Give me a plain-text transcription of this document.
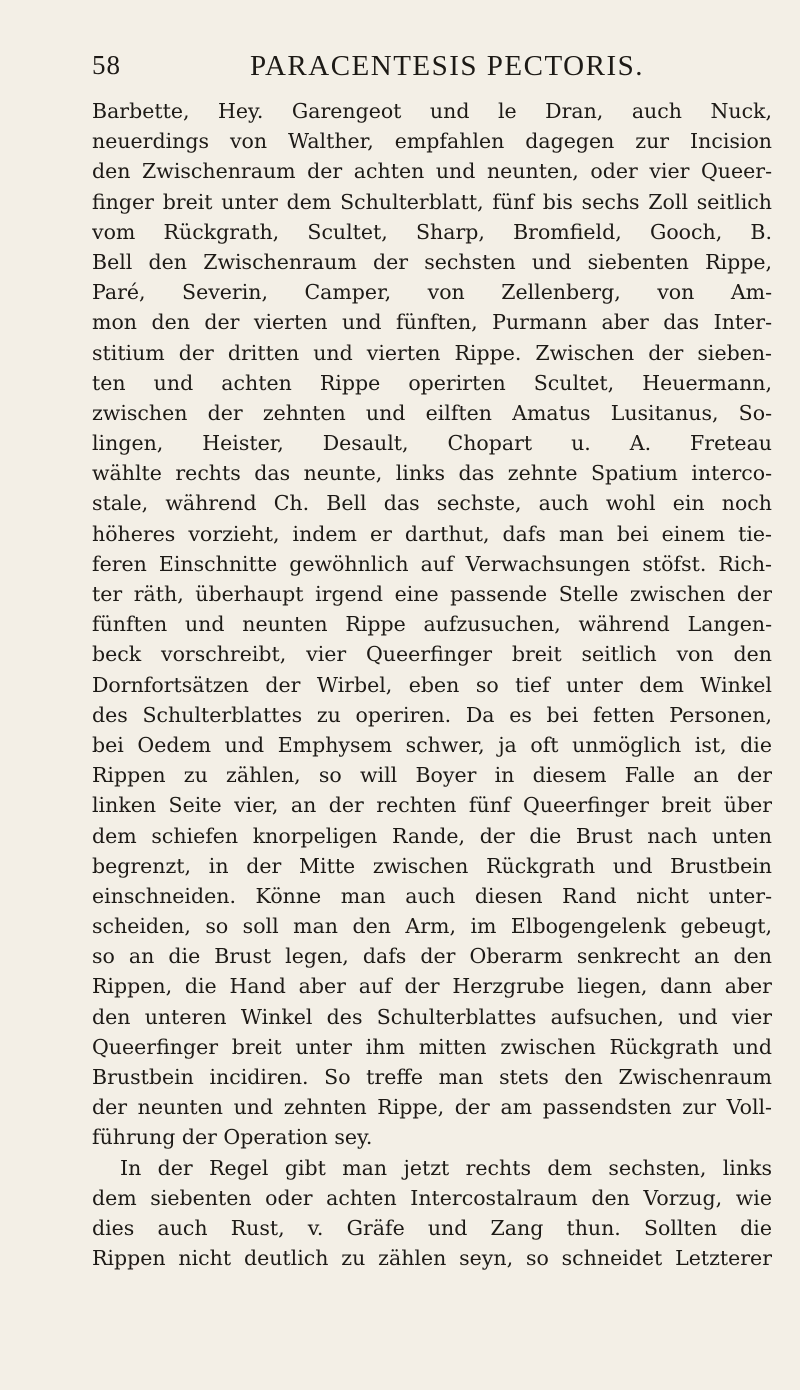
58	PARACENTESIS PECTORIS.
Barbette, Hey. Garengeot und le Dran, auch Nuck,
neuerdings von Walther, empfahlen dagegen zur Incision
den Zwischenraum der achten und neunten, oder vier Queer-
finger breit unter dem Schulterblatt, fünf bis sechs Zoll seitlich
vom Rückgrath, Scultet, Sharp, Bromfield, Gooch, B.
Bell den Zwischenraum der sechsten und siebenten Rippe,
Paré, Severin, Camper, von Zellenberg, von Am-
mon den der vierten und fünften, Purmann aber das Inter-
stitium der dritten und vierten Rippe. Zwischen der sieben-
ten und achten Rippe operirten Scultet, Heuermann,
zwischen der zehnten und eilften Amatus Lusitanus, So-
lingen, Heister, Desault, Chopart u. A. Freteau
wählte rechts das neunte, links das zehnte Spatium interco-
stale, während Ch. Bell das sechste, auch wohl ein noch
höheres vorzieht, indem er darthut, dafs man bei einem tie-
feren Einschnitte gewöhnlich auf Verwachsungen stöfst. Rich-
ter räth, überhaupt irgend eine passende Stelle zwischen der
fünften und neunten Rippe aufzusuchen, während Langen-
beck vorschreibt, vier Queerfinger breit seitlich von den
Dornfortsätzen der Wirbel, eben so tief unter dem Winkel
des Schulterblattes zu operiren. Da es bei fetten Personen,
bei Oedem und Emphysem schwer, ja oft unmöglich ist, die
Rippen zu zählen, so will Boyer in diesem Falle an der
linken Seite vier, an der rechten fünf Queerfinger breit über
dem schiefen knorpeligen Rande, der die Brust nach unten
begrenzt, in der Mitte zwischen Rückgrath und Brustbein
einschneiden. Könne man auch diesen Rand nicht unter-
scheiden, so soll man den Arm, im Elbogengelenk gebeugt,
so an die Brust legen, dafs der Oberarm senkrecht an den
Rippen, die Hand aber auf der Herzgrube liegen, dann aber
den unteren Winkel des Schulterblattes aufsuchen, und vier
Queerfinger breit unter ihm mitten zwischen Rückgrath und
Brustbein incidiren. So treffe man stets den Zwischenraum
der neunten und zehnten Rippe, der am passendsten zur Voll-
führung der Operation sey.
In der Regel gibt man jetzt rechts dem sechsten, links
dem siebenten oder achten Intercostalraum den Vorzug, wie
dies auch Rust, v. Gräfe und Zang thun. Sollten die
Rippen nicht deutlich zu zählen seyn, so schneidet Letzterer
